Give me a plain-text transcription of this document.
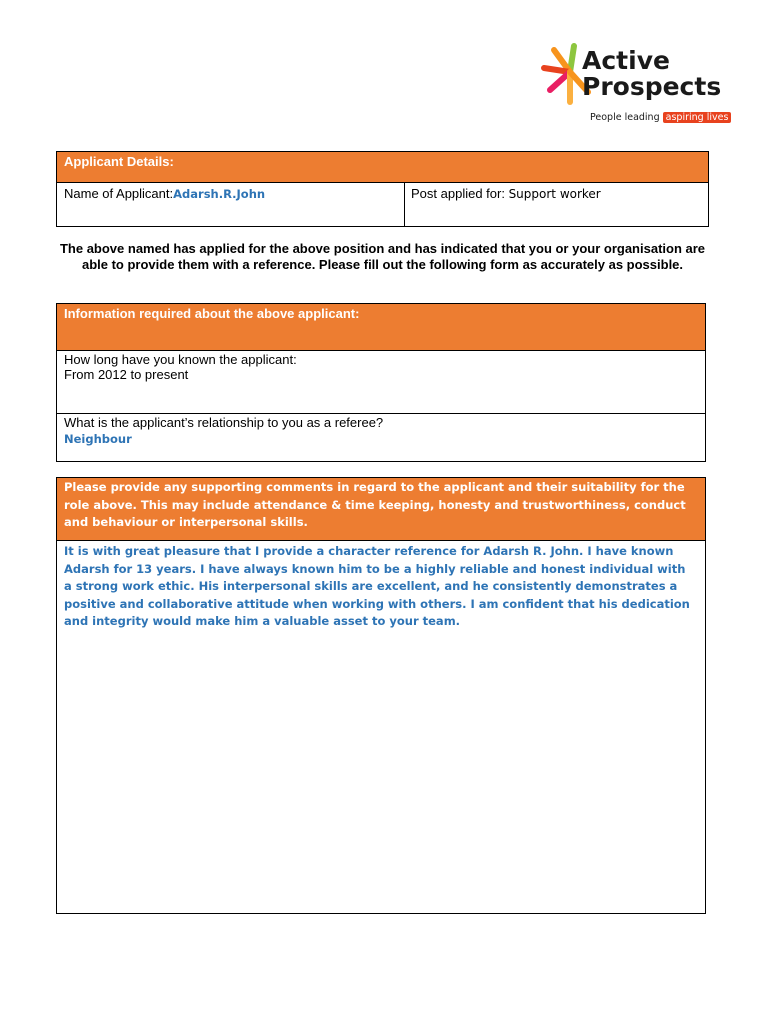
Active
Prospects
People leading aspiring lives
Applicant Details:
Name of Applicant:Adarsh.R.John	Post applied for: Support worker
The above named has applied for the above position and has indicated that you or your organisation are able to provide them with a reference. Please fill out the following form as accurately as possible.
Information required about the above applicant:
How long have you known the applicant:
From 2012 to present
What is the applicant’s relationship to you as a referee?
Neighbour
Please provide any supporting comments in regard to the applicant and their suitability for the role above. This may include attendance & time keeping, honesty and trustworthiness, conduct and behaviour or interpersonal skills.
It is with great pleasure that I provide a character reference for Adarsh R. John. I have known Adarsh for 13 years. I have always known him to be a highly reliable and honest individual with a strong work ethic. His interpersonal skills are excellent, and he consistently demonstrates a positive and collaborative attitude when working with others. I am confident that his dedication and integrity would make him a valuable asset to your team.
